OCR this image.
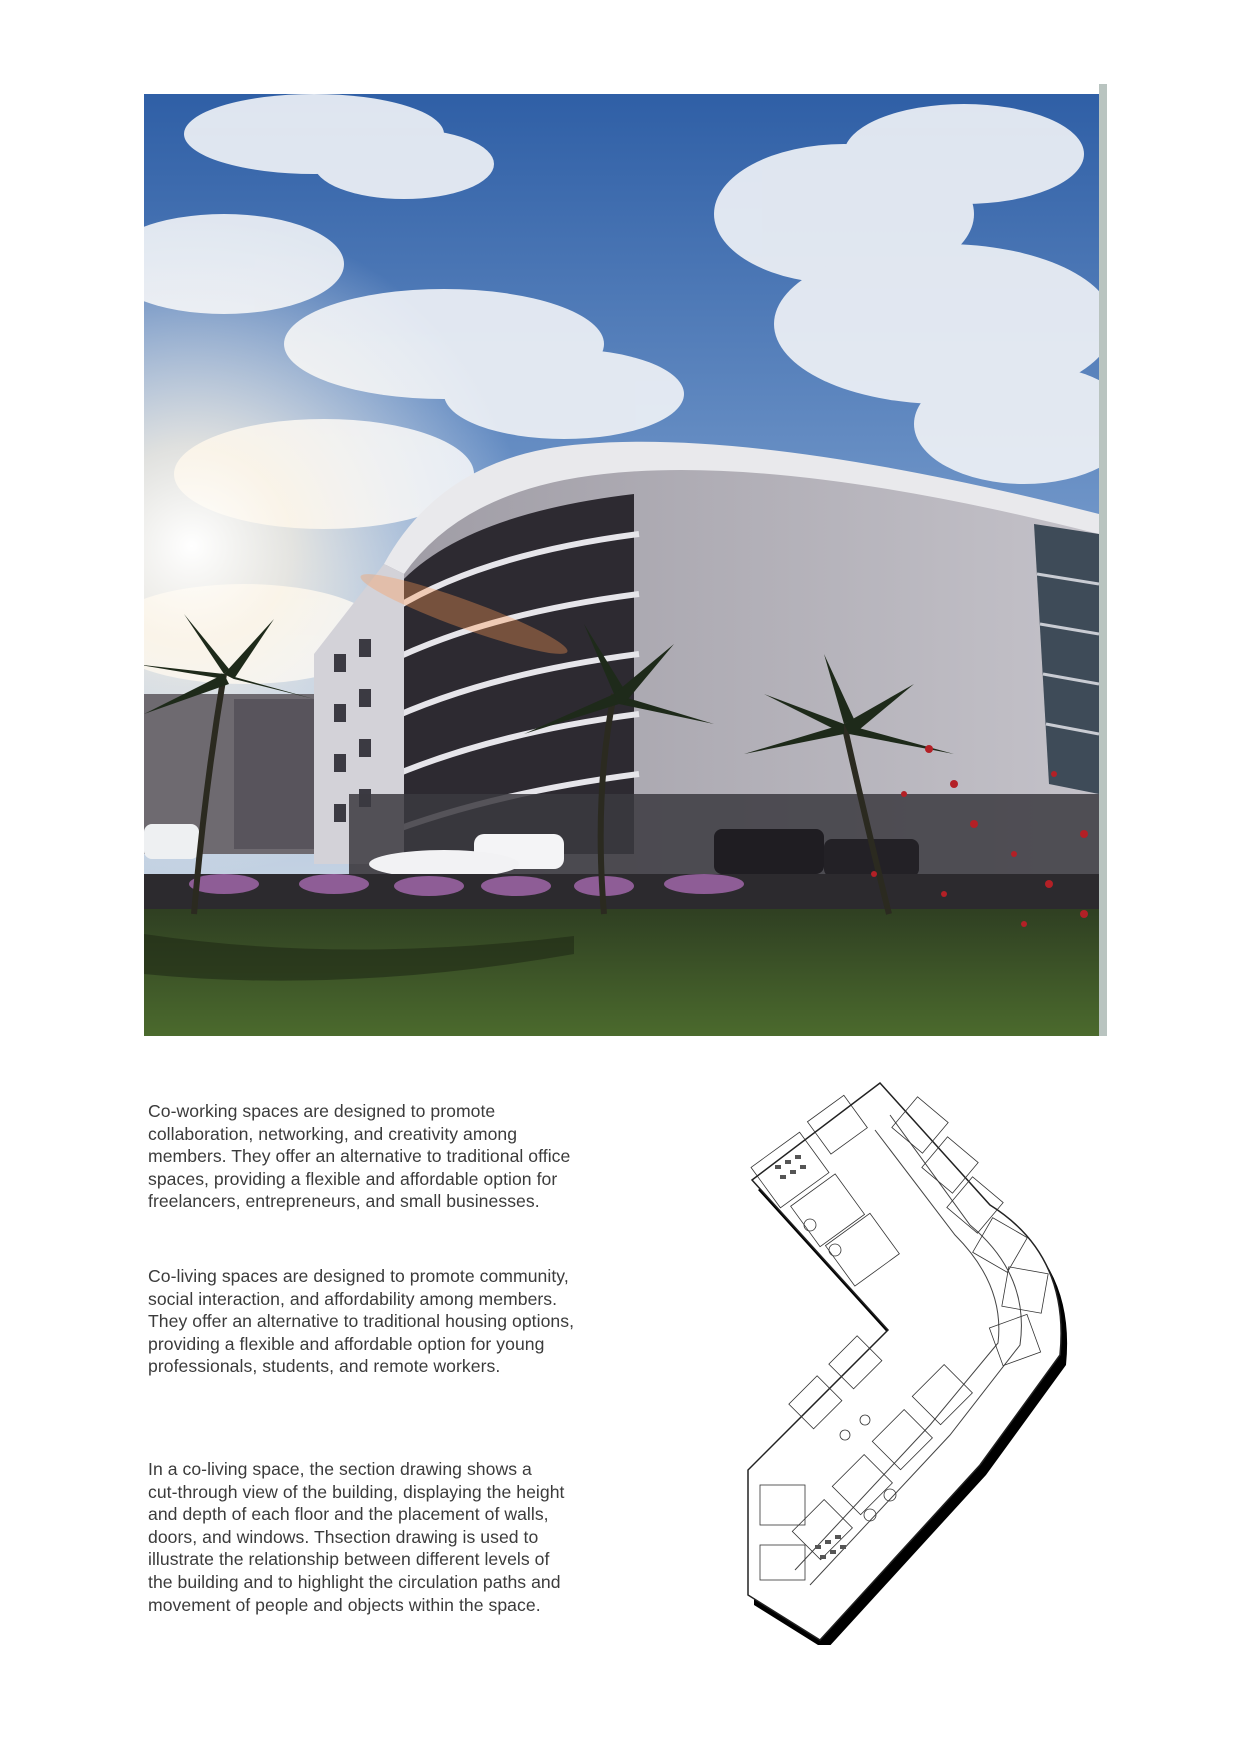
Co-working spaces are designed to promote
collaboration, networking, and creativity among
members. They offer an alternative to traditional office
spaces, providing a flexible and affordable option for
freelancers, entrepreneurs, and small businesses.

Co-living spaces are designed to promote community,
social interaction, and affordability among members.
They offer an alternative to traditional housing options,
providing a flexible and affordable option for young
professionals, students, and remote workers.

In a co-living space, the section drawing shows a
cut-through view of the building, displaying the height
and depth of each floor and the placement of walls,
doors, and windows. Thsection drawing is used to
illustrate the relationship between different levels of
the building and to highlight the circulation paths and
movement of people and objects within the space.
